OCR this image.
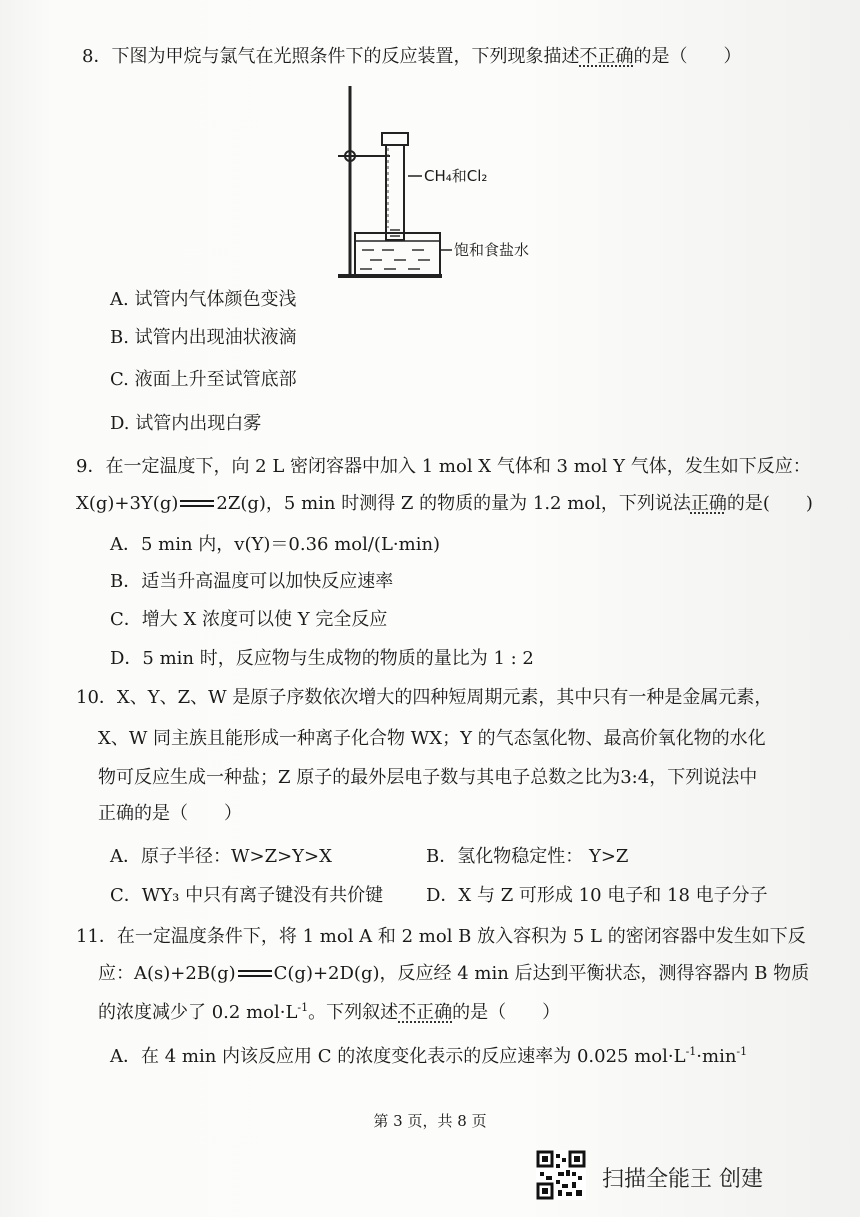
8．下图为甲烷与氯气在光照条件下的反应装置，下列现象描述不正确的是（　　）
CH₄和Cl₂
饱和食盐水
A. 试管内气体颜色变浅
B. 试管内出现油状液滴
C. 液面上升至试管底部
D. 试管内出现白雾
9．在一定温度下，向 2 L 密闭容器中加入 1 mol X 气体和 3 mol Y 气体，发生如下反应：
X(g)+3Y(g) 2Z(g)，5 min 时测得 Z 的物质的量为 1.2 mol，下列说法正确的是(　　)
A．5 min 内，v(Y)＝0.36 mol/(L·min)
B．适当升高温度可以加快反应速率
C．增大 X 浓度可以使 Y 完全反应
D．5 min 时，反应物与生成物的物质的量比为 1 : 2
10．X、Y、Z、W 是原子序数依次增大的四种短周期元素，其中只有一种是金属元素，
X、W 同主族且能形成一种离子化合物 WX；Y 的气态氢化物、最高价氧化物的水化
物可反应生成一种盐；Z 原子的最外层电子数与其电子总数之比为3:4，下列说法中
正确的是（　　）
A．原子半径：W>Z>Y>X	B．氢化物稳定性： Y>Z
C．WY₃ 中只有离子键没有共价键 D．X 与 Z 可形成 10 电子和 18 电子分子
11．在一定温度条件下，将 1 mol A 和 2 mol B 放入容积为 5 L 的密闭容器中发生如下反
应：A(s)+2B(g) C(g)+2D(g)，反应经 4 min 后达到平衡状态，测得容器内 B 物质
的浓度减少了 0.2 $mol\cdot L^{-1}$。下列叙述不正确的是（　　）
A．在 4 min 内该反应用 C 的浓度变化表示的反应速率为 0.025 $mol\cdot L^{-1}\cdot\min^{-1}$
第 3 页，共 8 页
扫描全能王 创建
